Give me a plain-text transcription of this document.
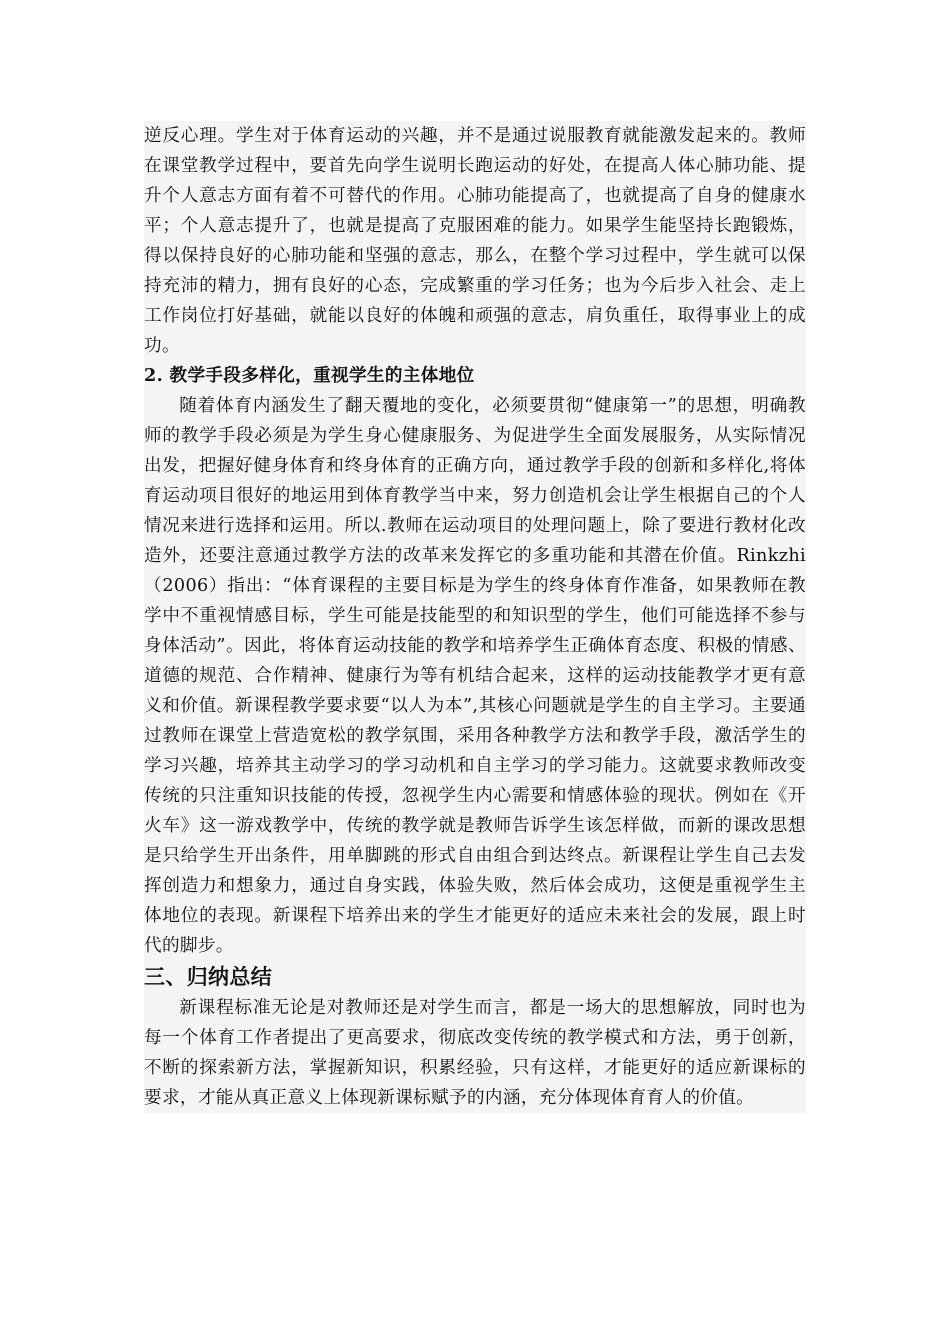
逆反心理。学生对于体育运动的兴趣，并不是通过说服教育就能激发起来的。教师在课堂教学过程中，要首先向学生说明长跑运动的好处，在提高人体心肺功能、提升个人意志方面有着不可替代的作用。心肺功能提高了，也就提高了自身的健康水平；个人意志提升了，也就是提高了克服困难的能力。如果学生能坚持长跑锻炼，得以保持良好的心肺功能和坚强的意志，那么，在整个学习过程中，学生就可以保持充沛的精力，拥有良好的心态，完成繁重的学习任务；也为今后步入社会、走上工作岗位打好基础，就能以良好的体魄和顽强的意志，肩负重任，取得事业上的成功。

2. 教学手段多样化，重视学生的主体地位

随着体育内涵发生了翻天覆地的变化，必须要贯彻“健康第一”的思想，明确教师的教学手段必须是为学生身心健康服务、为促进学生全面发展服务，从实际情况出发，把握好健身体育和终身体育的正确方向，通过教学手段的创新和多样化,将体育运动项目很好的地运用到体育教学当中来，努力创造机会让学生根据自己的个人情况来进行选择和运用。所以.教师在运动项目的处理问题上，除了要进行教材化改造外，还要注意通过教学方法的改革来发挥它的多重功能和其潜在价值。Rinkzhi（2006）指出：“体育课程的主要目标是为学生的终身体育作准备，如果教师在教学中不重视情感目标，学生可能是技能型的和知识型的学生，他们可能选择不参与身体活动”。因此，将体育运动技能的教学和培养学生正确体育态度、积极的情感、道德的规范、合作精神、健康行为等有机结合起来，这样的运动技能教学才更有意义和价值。新课程教学要求要“以人为本”,其核心问题就是学生的自主学习。主要通过教师在课堂上营造宽松的教学氛围，采用各种教学方法和教学手段，激活学生的学习兴趣，培养其主动学习的学习动机和自主学习的学习能力。这就要求教师改变传统的只注重知识技能的传授，忽视学生内心需要和情感体验的现状。例如在《开火车》这一游戏教学中，传统的教学就是教师告诉学生该怎样做，而新的课改思想是只给学生开出条件，用单脚跳的形式自由组合到达终点。新课程让学生自己去发挥创造力和想象力，通过自身实践，体验失败，然后体会成功，这便是重视学生主体地位的表现。新课程下培养出来的学生才能更好的适应未来社会的发展，跟上时代的脚步。

三、归纳总结

新课程标准无论是对教师还是对学生而言，都是一场大的思想解放，同时也为每一个体育工作者提出了更高要求，彻底改变传统的教学模式和方法，勇于创新，不断的探索新方法，掌握新知识，积累经验，只有这样，才能更好的适应新课标的要求，才能从真正意义上体现新课标赋予的内涵，充分体现体育育人的价值。
